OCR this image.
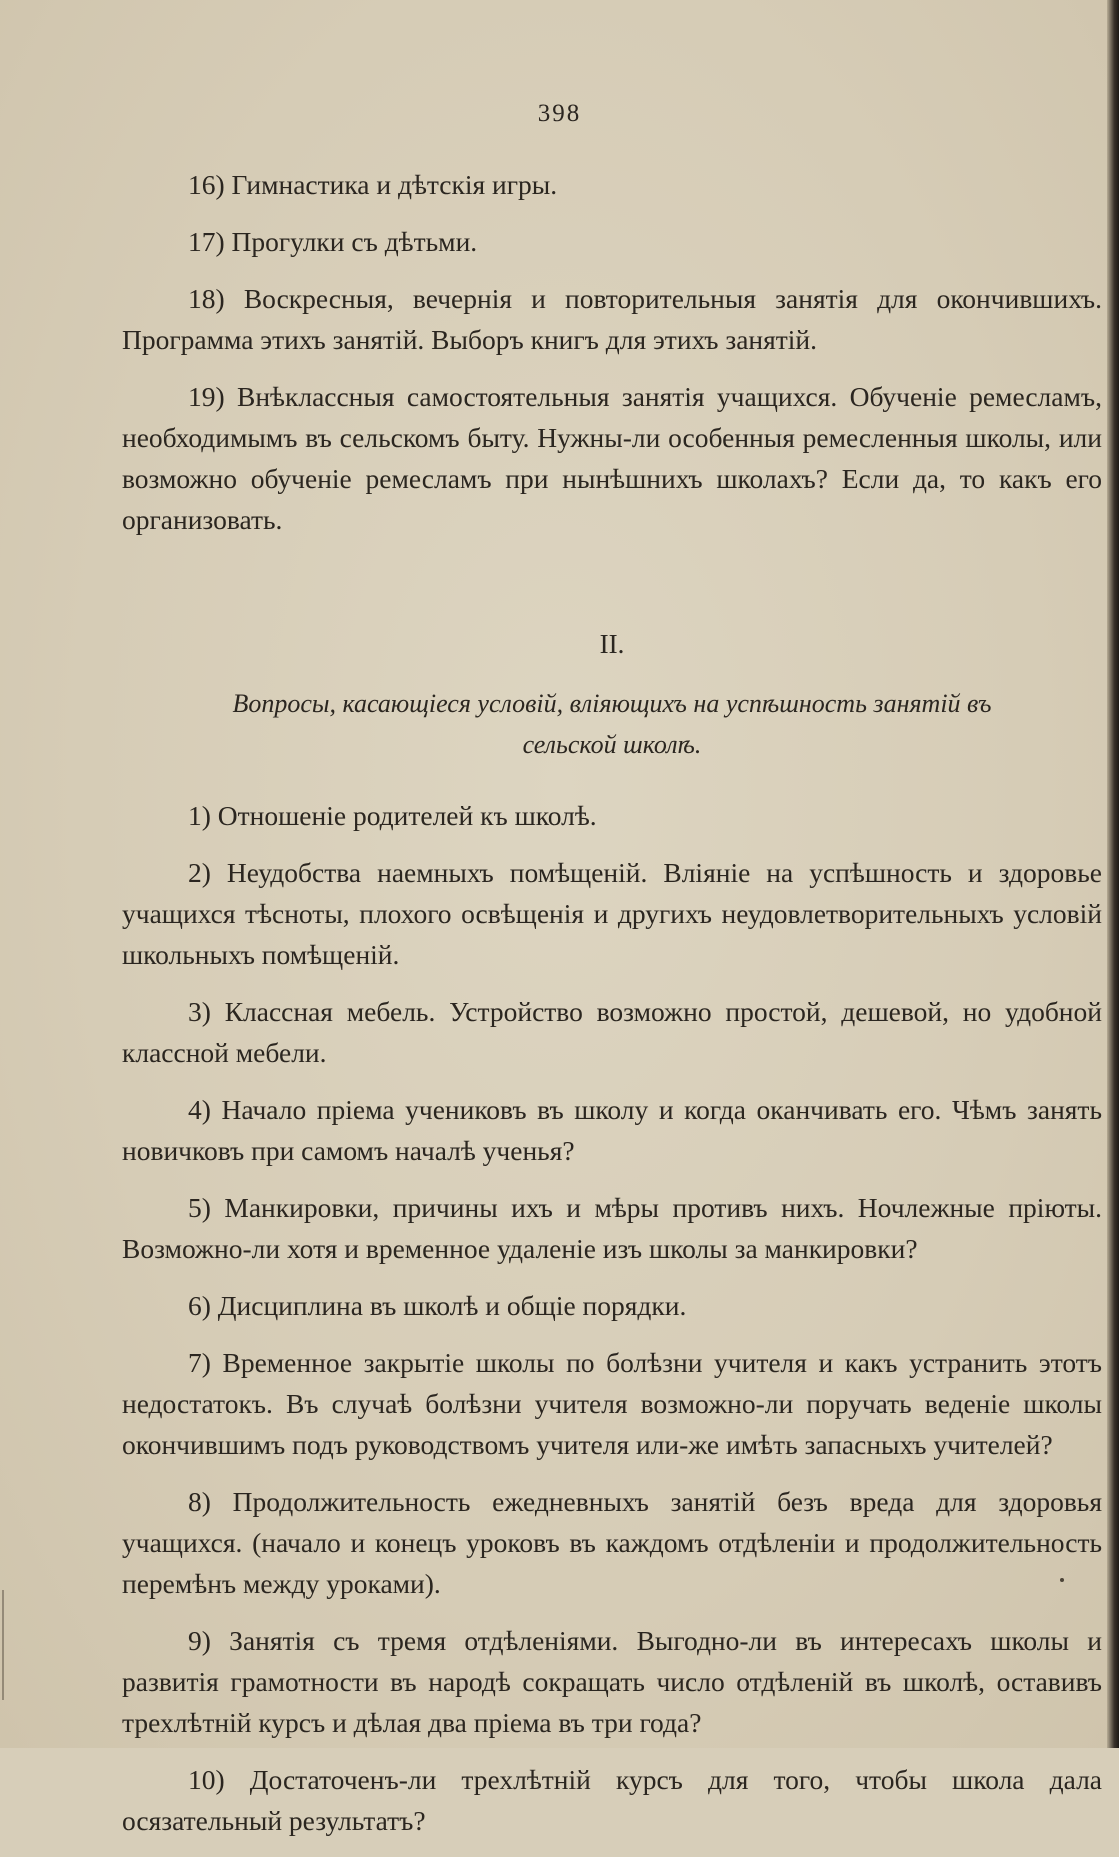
398

16) Гимнастика и дѣтскія игры.

17) Прогулки съ дѣтьми.

18) Воскресныя, вечернія и повторительныя занятія для окончившихъ. Программа этихъ занятій. Выборъ книгъ для этихъ занятій.

19) Внѣклассныя самостоятельныя занятія учащихся. Обученіе ремесламъ, необходимымъ въ сельскомъ быту. Нужны-ли особенныя ремесленныя школы, или возможно обученіе ремесламъ при нынѣшнихъ школахъ? Если да, то какъ его организовать.

II.
Вопросы, касающіеся условій, вліяющихъ на успѣшность занятій въ
сельской школѣ.

1) Отношеніе родителей къ школѣ.

2) Неудобства наемныхъ помѣщеній. Вліяніе на успѣшность и здоровье учащихся тѣсноты, плохого освѣщенія и другихъ неудовлетворительныхъ условій школьныхъ помѣщеній.

3) Классная мебель. Устройство возможно простой, дешевой, но удобной классной мебели.

4) Начало пріема учениковъ въ школу и когда оканчивать его. Чѣмъ занять новичковъ при самомъ началѣ ученья?

5) Манкировки, причины ихъ и мѣры противъ нихъ. Ночлежные пріюты. Возможно-ли хотя и временное удаленіе изъ школы за манкировки?

6) Дисциплина въ школѣ и общіе порядки.

7) Временное закрытіе школы по болѣзни учителя и какъ устранить этотъ недостатокъ. Въ случаѣ болѣзни учителя возможно-ли поручать веденіе школы окончившимъ подъ руководствомъ учителя или-же имѣть запасныхъ учителей?

8) Продолжительность ежедневныхъ занятій безъ вреда для здоровья учащихся. (начало и конецъ уроковъ въ каждомъ отдѣленіи и продолжительность перемѣнъ между уроками).

9) Занятія съ тремя отдѣленіями. Выгодно-ли въ интересахъ школы и развитія грамотности въ народѣ сокращать число отдѣленій въ школѣ, оставивъ трехлѣтній курсъ и дѣлая два пріема въ три года?

10) Достаточенъ-ли трехлѣтній курсъ для того, чтобы школа дала осязательный результатъ?
